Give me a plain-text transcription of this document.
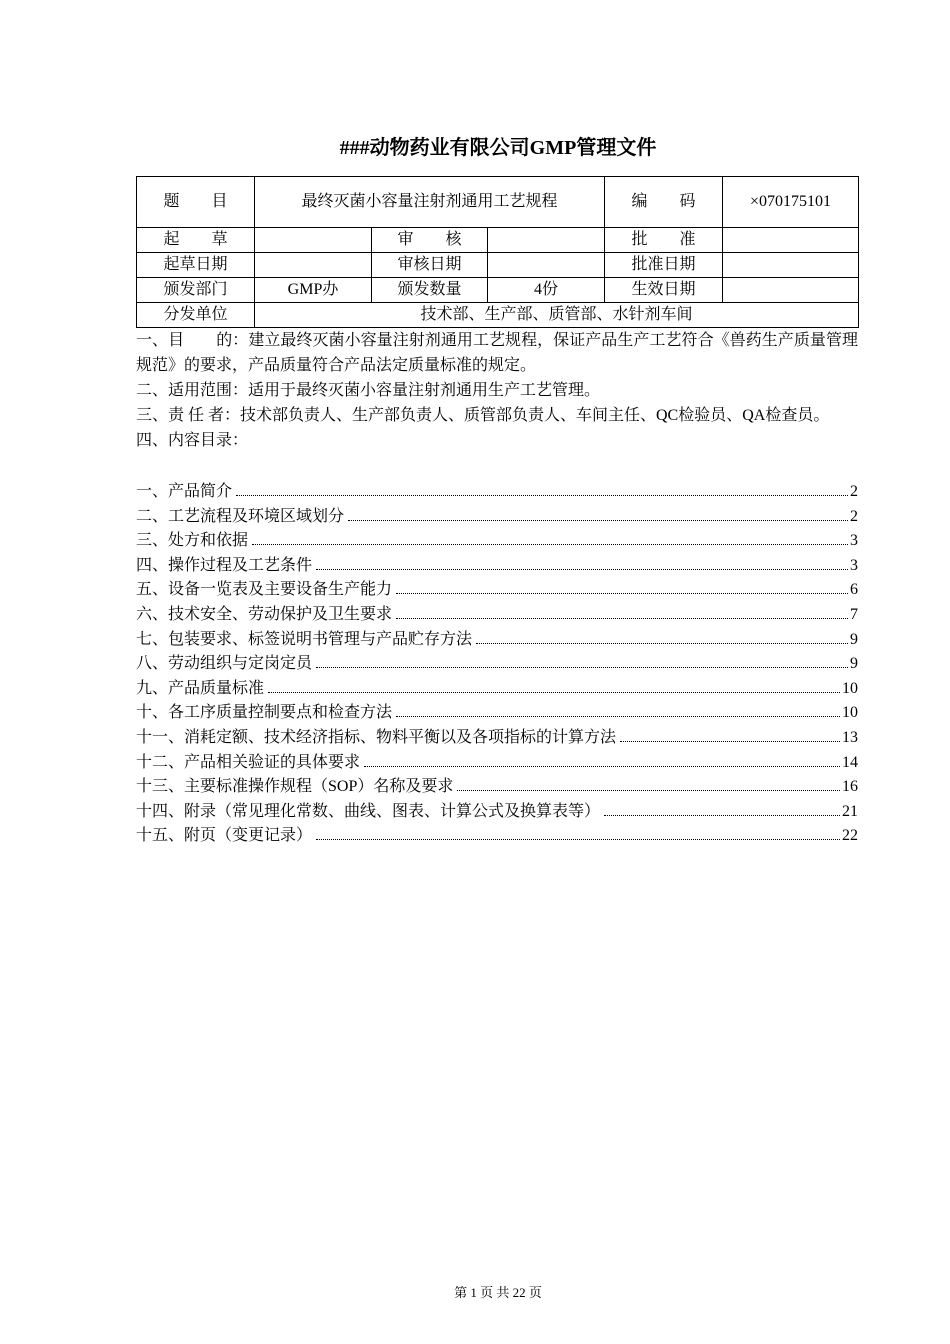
###动物药业有限公司GMP管理文件
题　　目	最终灭菌小容量注射剂通用工艺规程			编　　码	×070175101
起　　草		审　　核		批　　准	
起草日期		审核日期		批准日期	
颁发部门	GMP办	颁发数量	4份	生效日期	
分发单位	技术部、生产部、质管部、水针剂车间				

一、目　　的：建立最终灭菌小容量注射剂通用工艺规程，保证产品生产工艺符合《兽药生产质量管理规范》的要求，产品质量符合产品法定质量标准的规定。

二、适用范围：适用于最终灭菌小容量注射剂通用生产工艺管理。

三、责 任 者：技术部负责人、生产部负责人、质管部负责人、车间主任、QC检验员、QA检查员。

四、内容目录：

一、产品简介	2
二、工艺流程及环境区域划分	2
三、处方和依据	3
四、操作过程及工艺条件	3
五、设备一览表及主要设备生产能力	6
六、技术安全、劳动保护及卫生要求	7
七、包装要求、标签说明书管理与产品贮存方法	9
八、劳动组织与定岗定员	9
九、产品质量标准	10
十、各工序质量控制要点和检查方法	10
十一、消耗定额、技术经济指标、物料平衡以及各项指标的计算方法	13
十二、产品相关验证的具体要求	14
十三、主要标准操作规程（SOP）名称及要求	16
十四、附录（常见理化常数、曲线、图表、计算公式及换算表等）	21
十五、附页（变更记录）	22
第 1 页 共 22 页
